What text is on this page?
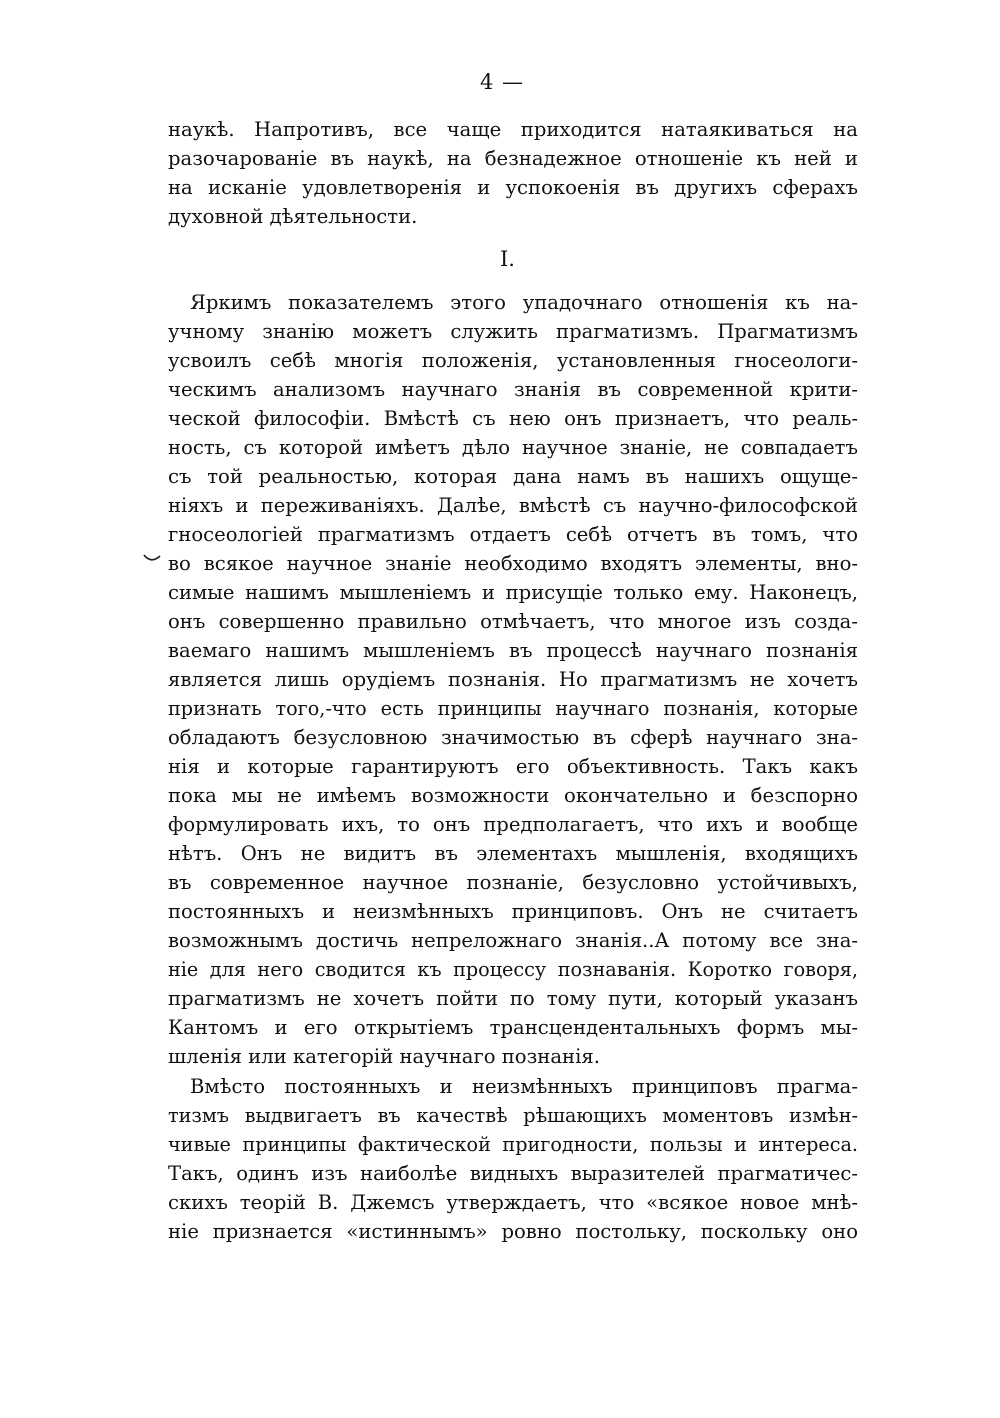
4 —
наукѣ. Напротивъ, все чаще приходится натаякиваться на
разочарованіе въ наукѣ, на безнадежное отношеніе къ ней и
на исканіе удовлетворенія и успокоенія въ другихъ сферахъ
духовной дѣятельности.
I.
Яркимъ показателемъ этого упадочнаго отношенія къ на-
учному знанію можетъ служить прагматизмъ. Прагматизмъ
усвоилъ себѣ многія положенія, установленныя гносеологи-
ческимъ анализомъ научнаго знанія въ современной крити-
ческой философіи. Вмѣстѣ съ нею онъ признаетъ, что реаль-
ность, съ которой имѣетъ дѣло научное знаніе, не совпадаетъ
съ той реальностью, которая дана намъ въ нашихъ ощуще-
ніяхъ и переживаніяхъ. Далѣе, вмѣстѣ съ научно-философской
гносеологіей прагматизмъ отдаетъ себѣ отчетъ въ томъ, что
во всякое научное знаніе необходимо входятъ элементы, вно-
симые нашимъ мышленіемъ и присущіе только ему. Наконецъ,
онъ совершенно правильно отмѣчаетъ, что многое изъ созда-
ваемаго нашимъ мышленіемъ въ процессѣ научнаго познанія
является лишь орудіемъ познанія. Но прагматизмъ не хочетъ
признать того,-что есть принципы научнаго познанія, которые
обладаютъ безусловною значимостью въ сферѣ научнаго зна-
нія и которые гарантируютъ его объективность. Такъ какъ
пока мы не имѣемъ возможности окончательно и безспорно
формулировать ихъ, то онъ предполагаетъ, что ихъ и вообще
нѣтъ. Онъ не видитъ въ элементахъ мышленія, входящихъ
въ современное научное познаніе, безусловно устойчивыхъ,
постоянныхъ и неизмѣнныхъ принциповъ. Онъ не считаетъ
возможнымъ достичь непреложнаго знанія..А потому все зна-
ніе для него сводится къ процессу познаванія. Коротко говоря,
прагматизмъ не хочетъ пойти по тому пути, который указанъ
Кантомъ и его открытіемъ трансцендентальныхъ формъ мы-
шленія или категорій научнаго познанія.
Вмѣсто постоянныхъ и неизмѣнныхъ принциповъ прагма-
тизмъ выдвигаетъ въ качествѣ рѣшающихъ моментовъ измѣн-
чивые принципы фактической пригодности, пользы и интереса.
Такъ, одинъ изъ наиболѣе видныхъ выразителей прагматичес-
скихъ теорій В. Джемсъ утверждаетъ, что «всякое новое мнѣ-
ніе признается «истиннымъ» ровно постольку, поскольку оно
